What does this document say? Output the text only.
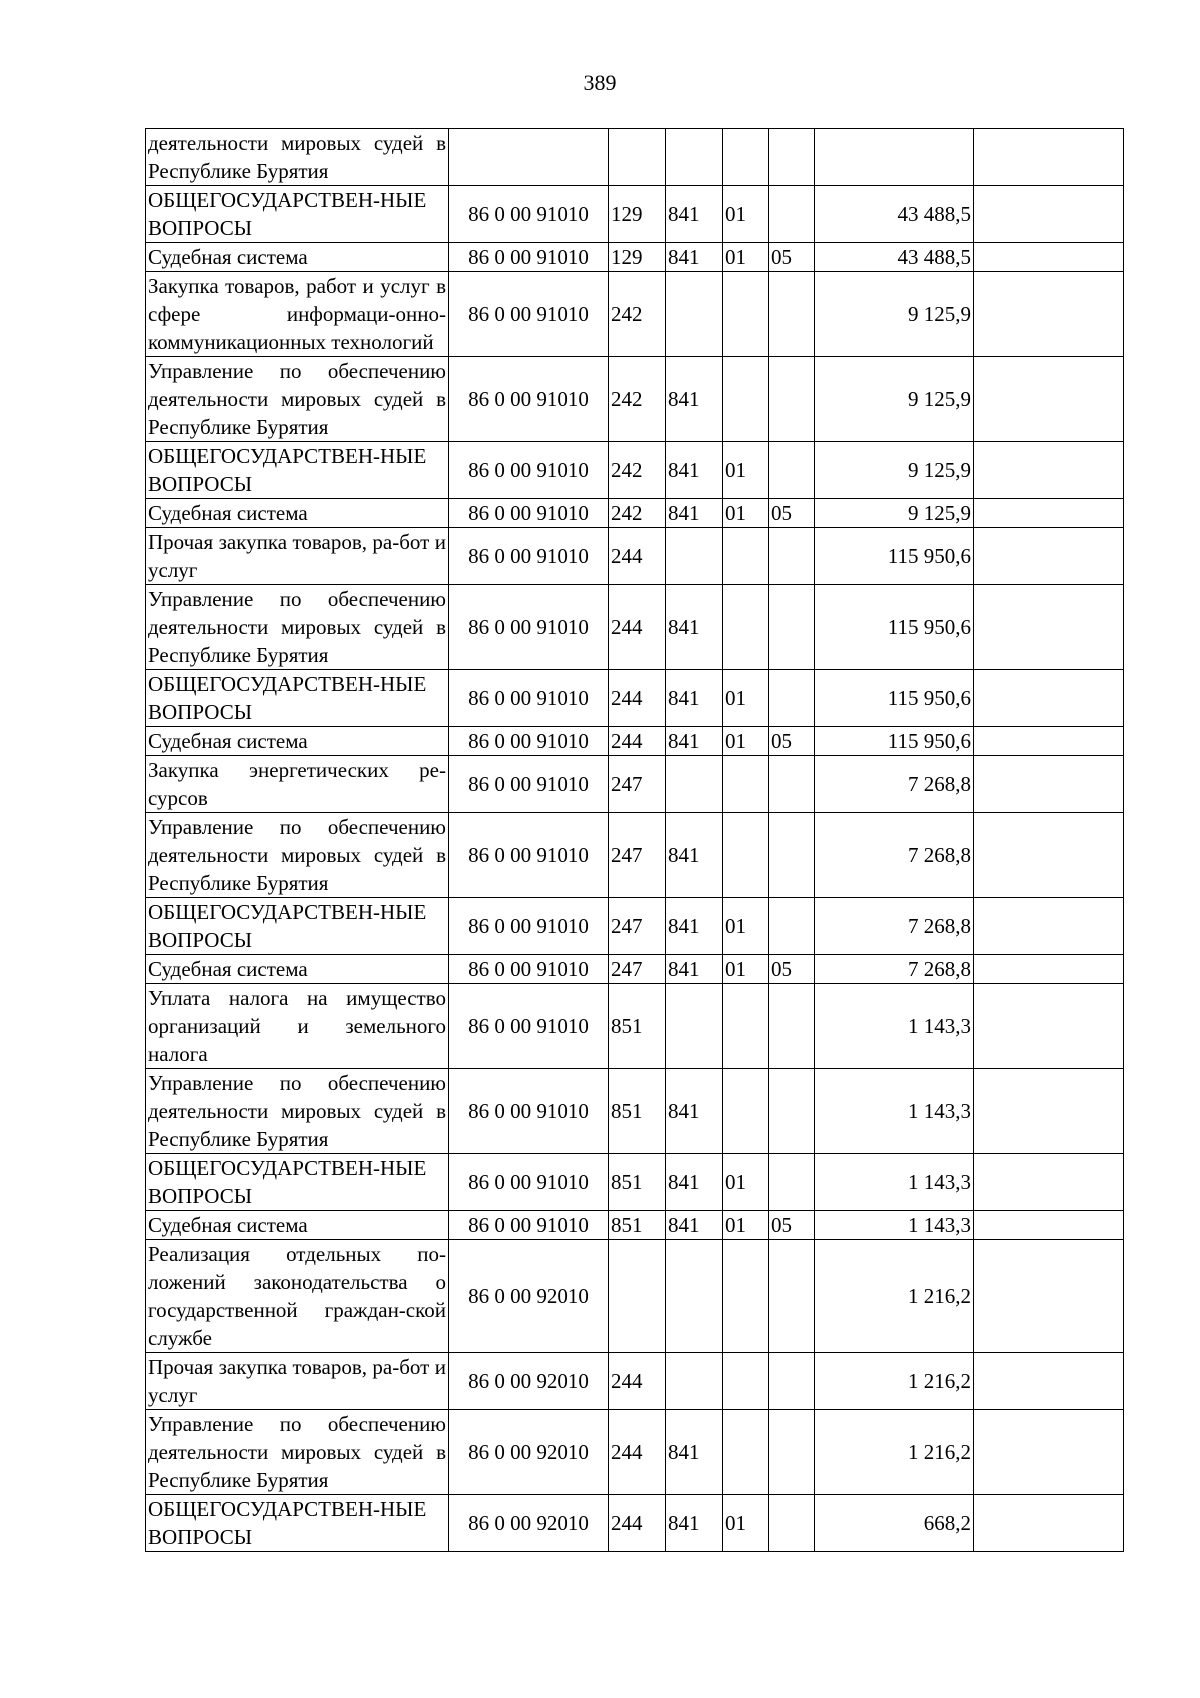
389
деятельности мировых судей в Республике Бурятия							
ОБЩЕГОСУДАРСТВЕН-НЫЕ ВОПРОСЫ	86 0 00 91010	129	841	01		43 488,5	
Судебная система	86 0 00 91010	129	841	01	05	43 488,5	
Закупка товаров, работ и услуг в сфере информаци-онно-коммуникационных технологий	86 0 00 91010	242				9 125,9	
Управление по обеспечению деятельности мировых судей в Республике Бурятия	86 0 00 91010	242	841			9 125,9	
ОБЩЕГОСУДАРСТВЕН-НЫЕ ВОПРОСЫ	86 0 00 91010	242	841	01		9 125,9	
Судебная система	86 0 00 91010	242	841	01	05	9 125,9	
Прочая закупка товаров, ра-бот и услуг	86 0 00 91010	244				115 950,6	
Управление по обеспечению деятельности мировых судей в Республике Бурятия	86 0 00 91010	244	841			115 950,6	
ОБЩЕГОСУДАРСТВЕН-НЫЕ ВОПРОСЫ	86 0 00 91010	244	841	01		115 950,6	
Судебная система	86 0 00 91010	244	841	01	05	115 950,6	
Закупка энергетических ре-сурсов	86 0 00 91010	247				7 268,8	
Управление по обеспечению деятельности мировых судей в Республике Бурятия	86 0 00 91010	247	841			7 268,8	
ОБЩЕГОСУДАРСТВЕН-НЫЕ ВОПРОСЫ	86 0 00 91010	247	841	01		7 268,8	
Судебная система	86 0 00 91010	247	841	01	05	7 268,8	
Уплата налога на имущество организаций и земельного налога	86 0 00 91010	851				1 143,3	
Управление по обеспечению деятельности мировых судей в Республике Бурятия	86 0 00 91010	851	841			1 143,3	
ОБЩЕГОСУДАРСТВЕН-НЫЕ ВОПРОСЫ	86 0 00 91010	851	841	01		1 143,3	
Судебная система	86 0 00 91010	851	841	01	05	1 143,3	
Реализация отдельных по-ложений законодательства о государственной граждан-ской службе	86 0 00 92010					1 216,2	
Прочая закупка товаров, ра-бот и услуг	86 0 00 92010	244				1 216,2	
Управление по обеспечению деятельности мировых судей в Республике Бурятия	86 0 00 92010	244	841			1 216,2	
ОБЩЕГОСУДАРСТВЕН-НЫЕ ВОПРОСЫ	86 0 00 92010	244	841	01		668,2	
